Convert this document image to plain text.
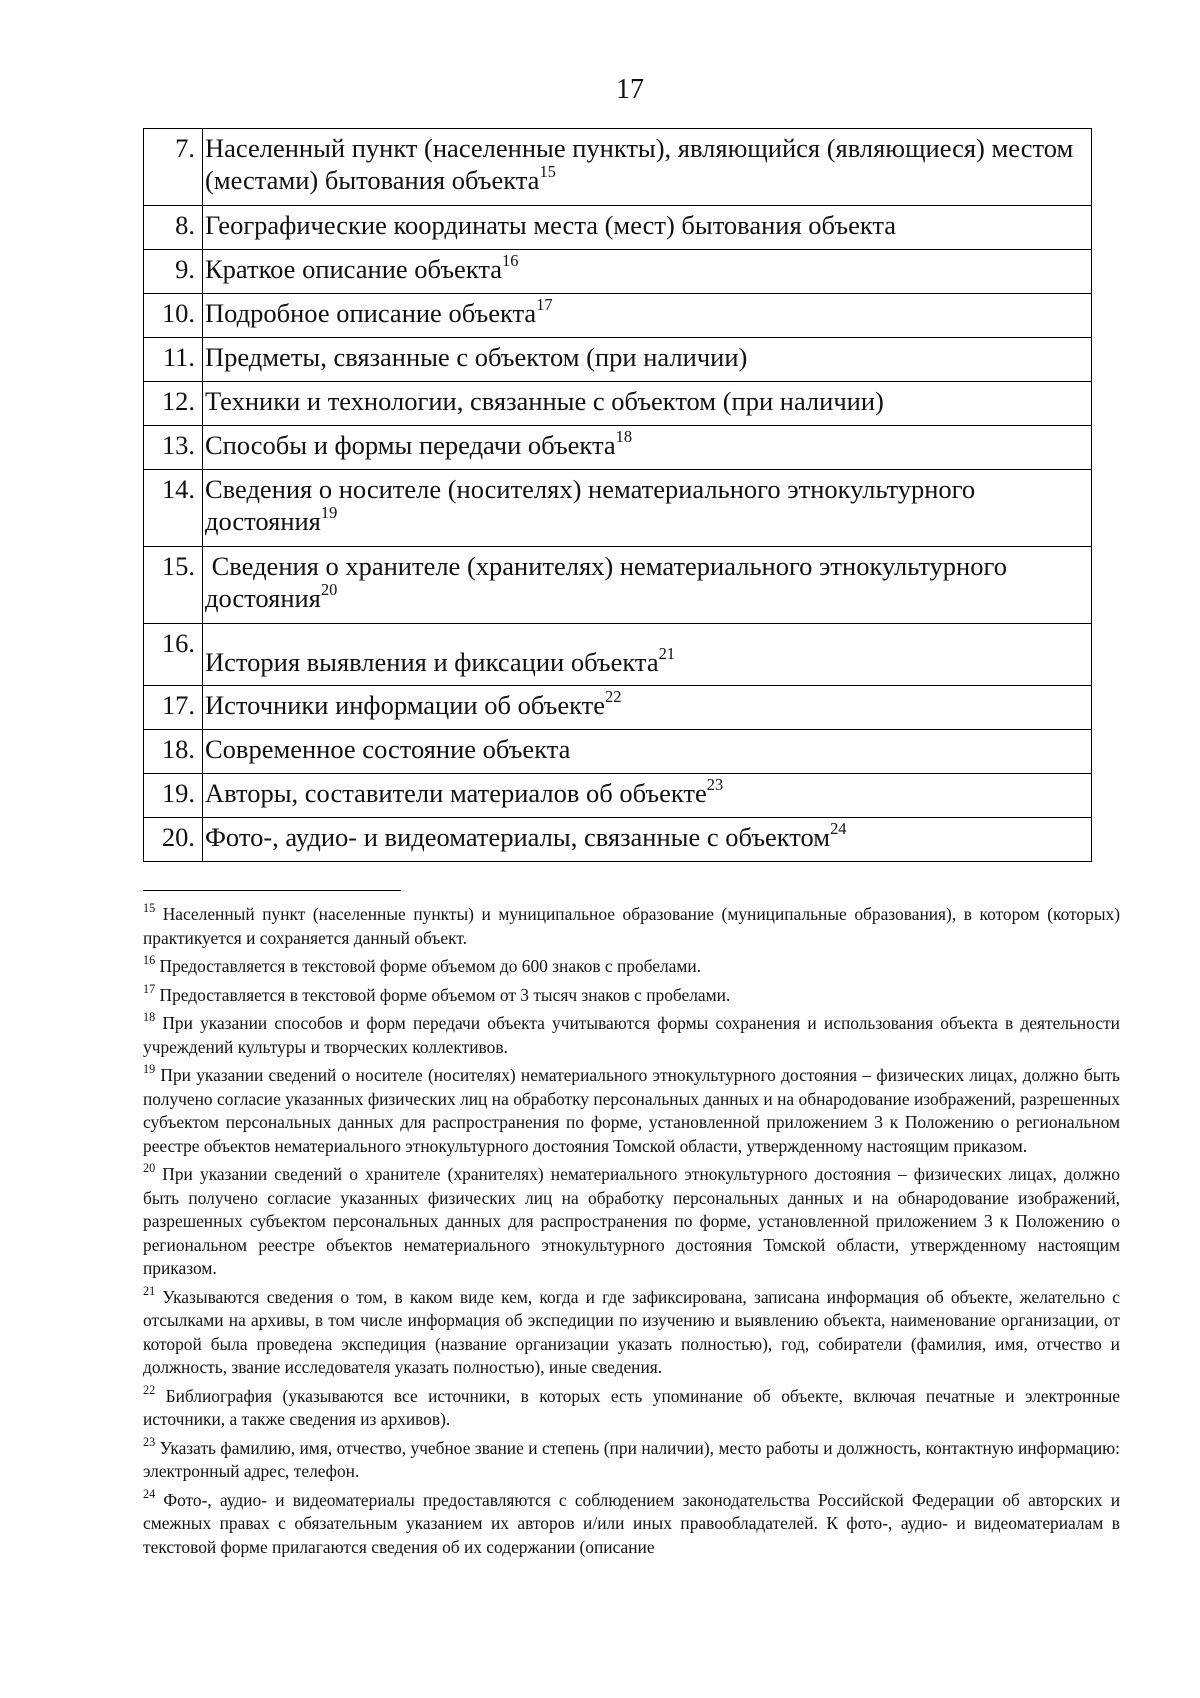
17
7.	Населенный пункт (населенные пункты), являющийся (являющиеся) местом (местами) бытования объекта$^{15}$
8.	Географические координаты места (мест) бытования объекта
9.	Краткое описание объекта$^{16}$
10.	Подробное описание объекта$^{17}$
11.	Предметы, связанные с объектом (при наличии)
12.	Техники и технологии, связанные с объектом (при наличии)
13.	Способы и формы передачи объекта$^{18}$
14.	Сведения о носителе (носителях) нематериального этнокультурного достояния$^{19}$
15.	Сведения о хранителе (хранителях) нематериального этнокультурного достояния$^{20}$
16.	История выявления и фиксации объекта$^{21}$
17.	Источники информации об объекте$^{22}$
18.	Современное состояние объекта
19.	Авторы, составители материалов об объекте$^{23}$
20.	Фото-, аудио- и видеоматериалы, связанные с объектом$^{24}$
$^{15}$ Населенный пункт (населенные пункты) и муниципальное образование (муниципальные образования), в котором (которых) практикуется и сохраняется данный объект.
$^{16}$ Предоставляется в текстовой форме объемом до 600 знаков с пробелами.
$^{17}$ Предоставляется в текстовой форме объемом от 3 тысяч знаков с пробелами.
$^{18}$ При указании способов и форм передачи объекта учитываются формы сохранения и использования объекта в деятельности учреждений культуры и творческих коллективов.
$^{19}$ При указании сведений о носителе (носителях) нематериального этнокультурного достояния – физических лицах, должно быть получено согласие указанных физических лиц на обработку персональных данных и на обнародование изображений, разрешенных субъектом персональных данных для распространения по форме, установленной приложением 3 к Положению о региональном реестре объектов нематериального этнокультурного достояния Томской области, утвержденному настоящим приказом.
$^{20}$ При указании сведений о хранителе (хранителях) нематериального этнокультурного достояния – физических лицах, должно быть получено согласие указанных физических лиц на обработку персональных данных и на обнародование изображений, разрешенных субъектом персональных данных для распространения по форме, установленной приложением 3 к Положению о региональном реестре объектов нематериального этнокультурного достояния Томской области, утвержденному настоящим приказом.
$^{21}$ Указываются сведения о том, в каком виде кем, когда и где зафиксирована, записана информация об объекте, желательно с отсылками на архивы, в том числе информация об экспедиции по изучению и выявлению объекта, наименование организации, от которой была проведена экспедиция (название организации указать полностью), год, собиратели (фамилия, имя, отчество и должность, звание исследователя указать полностью), иные сведения.
$^{22}$ Библиография (указываются все источники, в которых есть упоминание об объекте, включая печатные и электронные источники, а также сведения из архивов).
$^{23}$ Указать фамилию, имя, отчество, учебное звание и степень (при наличии), место работы и должность, контактную информацию: электронный адрес, телефон.
$^{24}$ Фото-, аудио- и видеоматериалы предоставляются с соблюдением законодательства Российской Федерации об авторских и смежных правах с обязательным указанием их авторов и/или иных правообладателей. К фото-, аудио- и видеоматериалам в текстовой форме прилагаются сведения об их содержании (описание
